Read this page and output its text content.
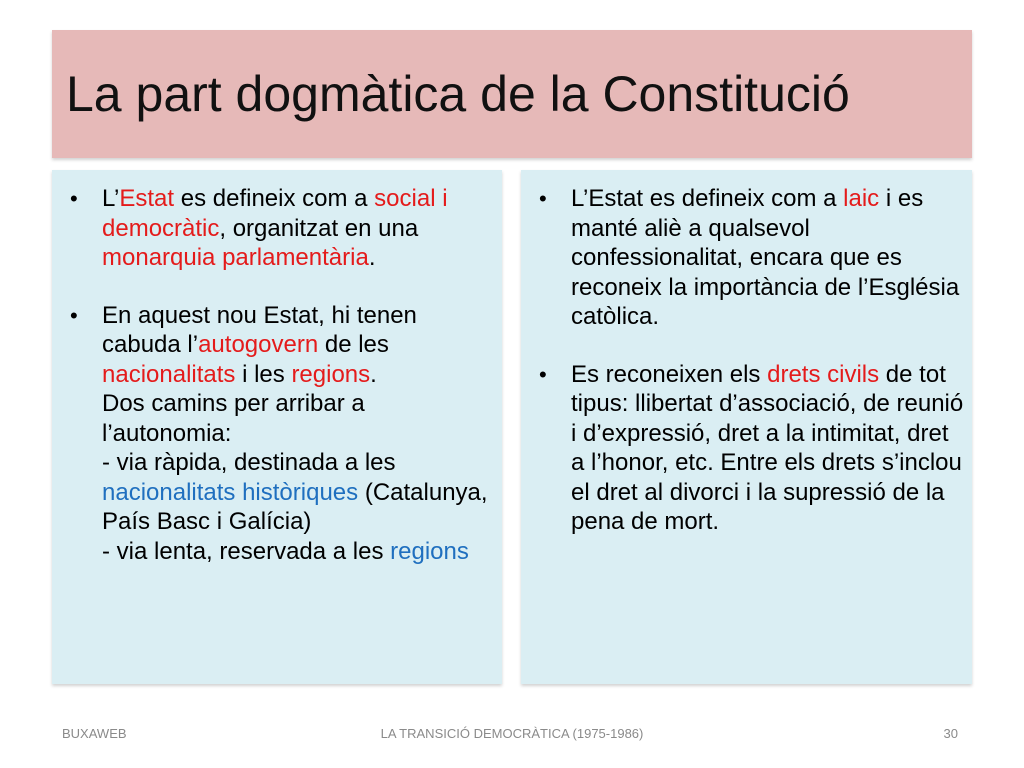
La part dogmàtica de la Constitució
• L’Estat es defineix com a social i democràtic, organitzat en una monarquia parlamentària.
• En aquest nou Estat, hi tenen cabuda l’autogovern de les nacionalitats i les regions.
Dos camins per arribar a l’autonomia:
- via ràpida, destinada a les nacionalitats històriques (Catalunya, País Basc i Galícia)
- via lenta, reservada a les regions
• L’Estat es defineix com a laic i es manté aliè a qualsevol confessionalitat, encara que es reconeix la importància de l’Església catòlica.
• Es reconeixen els drets civils de tot tipus: llibertat d’associació, de reunió i d’expressió, dret a la intimitat, dret a l’honor, etc. Entre els drets s’inclou el dret al divorci i la supressió de la pena de mort.
BUXAWEB	LA TRANSICIÓ DEMOCRÀTICA (1975-1986)	30
